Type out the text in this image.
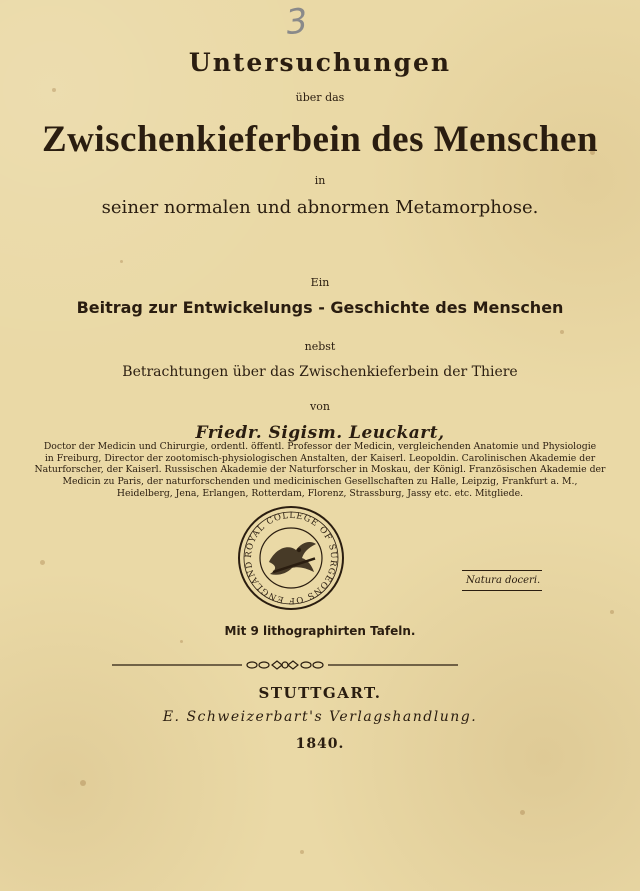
3
Untersuchungen
über das
Zwischenkieferbein des Menschen
in
seiner normalen und abnormen Metamorphose.
Ein
Beitrag zur Entwickelungs - Geschichte des Menschen
nebst
Betrachtungen über das Zwischenkieferbein der Thiere
von
Friedr. Sigism. Leuckart,
Doctor der Medicin und Chirurgie, ordentl. öffentl. Professor der Medicin, vergleichenden Anatomie und Physiologie
in Freiburg, Director der zootomisch-physiologischen Anstalten, der Kaiserl. Leopoldin. Carolinischen Akademie der
Naturforscher, der Kaiserl. Russischen Akademie der Naturforscher in Moskau, der Königl. Französischen Akademie der
Medicin zu Paris, der naturforschenden und medicinischen Gesellschaften zu Halle, Leipzig, Frankfurt a. M.,
Heidelberg, Jena, Erlangen, Rotterdam, Florenz, Strassburg, Jassy etc. etc. Mitgliede.
ROYAL COLLEGE OF SURGEONS OF ENGLAND
Natura doceri.
Mit 9 lithographirten Tafeln.
STUTTGART.
E. Schweizerbart's Verlagshandlung.
1840.
